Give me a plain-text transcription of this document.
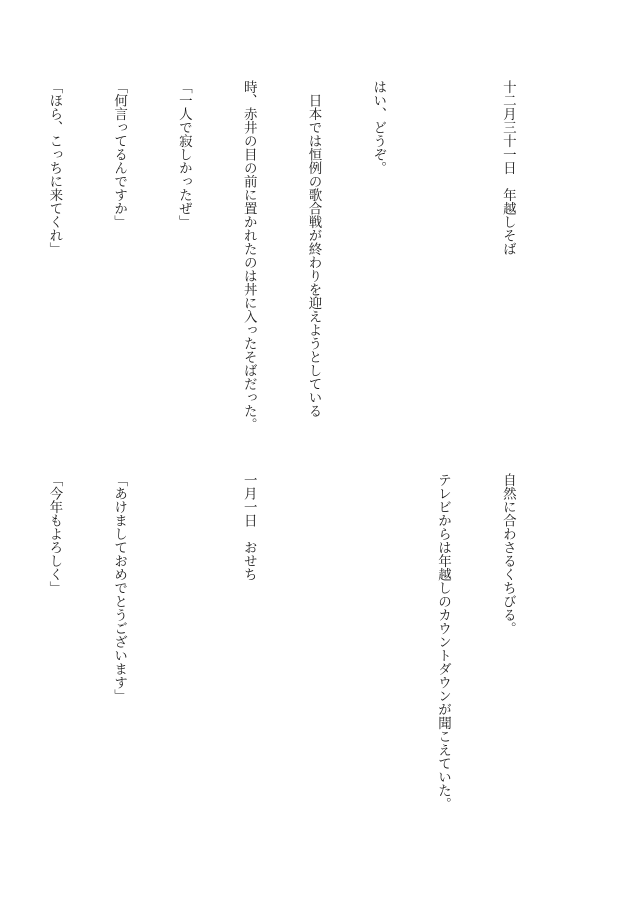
十二月三十一日　年越しそば

はい、どうぞ。

　日本では恒例の歌合戦が終わりを迎えようとしている

時、赤井の目の前に置かれたのは丼に入ったそばだった。

「一人で寂しかったぜ」

「何言ってるんですか」

「ほら、こっちに来てくれ」

自然に合わさるくちびる。

テレビからは年越しのカウントダウンが聞こえていた。

一月一日　おせち

「あけましておめでとうございます」

「今年もよろしく」
